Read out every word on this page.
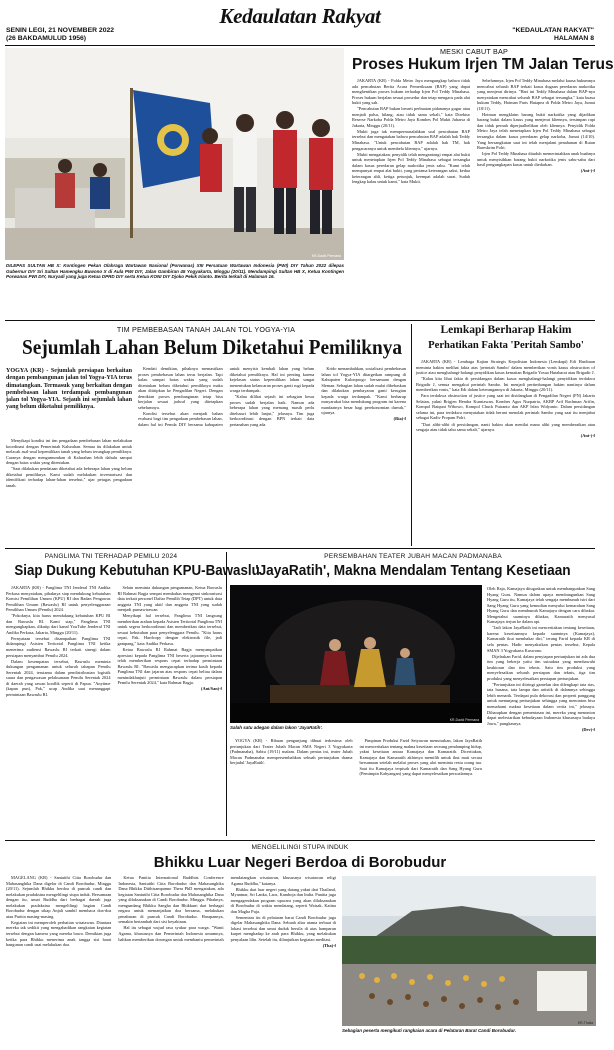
SENIN LEGI, 21 NOVEMBER 2022
(26 BAKDAMULUD 1956)
Kedaulatan Rakyat
"KEDAULATAN RAKYAT"
HALAMAN 8
KR-David Permana
DILEPAS SULTAN HB X: Kontingen Pekan Olahraga Wartawan Nasional (Porwanas) XIII Persatuan Wartawan Indonesia (PWI) DIY Tahun 2022 dilepas Gubernur DIY Sri Sultan Hamengku Buwono X di Aula PWI DIY, Jalan Gambiran 45 Yogyakarta, Minggu (20/11). Mendampingi Sultan HB X, Ketua Kontingen Porwanas PWI DIY, Nuryadi yang juga Ketua DPRD DIY serta Ketua KONI DIY Djoko Pekik Irianto. Berita terkait di Halaman 16.
MESKI CABUT BAP
Proses Hukum Irjen TM Jalan Terus

JAKARTA (KR) - Polda Metro Jaya mengungkap bahwa tidak ada pencabutan Berita Acara Pemeriksaan (BAP) yang dapat menghentikan proses hukum terhadap Irjen Pol Teddy Minahasa. Proses hukum berjalan sesuai prosedur dan tetap mengacu pada alat bukti yang sah.

"Pencabutan BAP bukan berarti perbuatan pidananya gugur atau menjadi palsu, hilang, atau tidak sama sekali," kata Direktur Reserse Narkoba Polda Metro Jaya Kombes Pol Mukti Juharsa di Jakarta, Minggu (20/11).

Mukti juga tak mempermasalahkan soal pencabutan BAP tersebut dan mengatakan bahwa pencabutan BAP adalah hak Teddy Minahasa. "Untuk pencabutan BAP adalah hak TM, hak pengacaranya untuk membela kliennya," ujarnya.

Mukti mengatakan, penyidik telah mengantongi empat alat bukti untuk menetapkan Irjen Pol Teddy Minahasa sebagai tersangka dalam kasus peredaran gelap narkotika jenis sabu. "Kami telah mempunyai empat alat bukti, yang pertama keterangan saksi, kedua keterangan ahli, ketiga petunjuk, keempat adalah surat. Sudah lengkap kalau untuk kami," kata Mukti.

Sebelumnya, Irjen Pol Teddy Minahasa melalui kuasa hukumnya mencabut seluruh BAP terkait kasus dugaan peredaran narkotika yang menjerat dirinya. "Hari ini Teddy Minahasa dalam BAP-nya menyatakan mencabut seluruh BAP sebagai tersangka," kata kuasa hukum Teddy, Hotman Paris Hutapea di Polda Metro Jaya, Jumat (18/11).

Hotman mengklaim barang bukti narkotika yang dijadikan barang bukti dalam kasus yang menjerat kliennya, tersimpan rapi dan tidak pernah diperjualbelikan oleh kliennya. Penyidik Polda Metro Jaya telah menetapkan Irjen Pol Teddy Minahasa sebagai tersangka dalam kasus peredaran gelap narkoba, Jumat (14/10). Yang bersangkutan saat ini telah menjalani penahanan di Rutan Bareskrim Polri.

Irjen Pol Teddy Minahasa dituduh memerintahkan anak buahnya untuk menyisihkan barang bukti narkotika jenis sabu-sabu dari hasil pengungkapan kasus untuk diedarkan.

(Ant-)-f
TIM PEMBEBASAN TANAH JALAN TOL YOGYA-YIA
Sejumlah Lahan Belum Diketahui Pemiliknya
YOGYA (KR) - Sejumlah persiapan berkaitan dengan pembangunan jalan tol Yogya-YIA terus dimatangkan. Termasuk yang berkaitan dengan pembebasan lahan terdampak pembangunan jalan tol Yogya-YIA. Sejauh ini sejumlah lahan yang belum diketahui pemiliknya.

Menyikapi kondisi ini tim pengadaan pembebasan lahan melakukan koordinasi dengan Pemerintah Kalurahan. Semua itu dilakukan untuk melacak asal-usul kepemilikan tanah yang belum terungkap pemiliknya. Caranya dengan mengumumkan di Kalurahan lebih dahulu sampai dengan batas waktu yang ditentukan.

"Saat dilakukan pendataan diketahui ada beberapa lahan yang belum diketahui pemiliknya. Kami sudah melakukan inventarisasi dan identifikasi terhadap lahan-lahan tersebut," ujar petugas pengadaan tanah.

Kendati demikian, pihaknya memastikan proses pembebasan lahan terus berjalan. Tapi kalau sampai batas waktu yang sudah ditentukan belum diketahui pemiliknya maka akan dititipkan ke Pengadilan Negeri. Dengan demikian proses pembangunan tetap bisa berjalan sesuai jadwal yang ditetapkan sebelumnya.

Kondisi tersebut akan menjadi bahan evaluasi bagi tim pengadaan pembebasan lahan, dalam hal ini Pemda DIY bersama kabupaten untuk menyisir kembali lahan yang belum diketahui pemiliknya. Hal ini penting karena kejelasan status kepemilikan lahan sangat menentukan kelancaran proses ganti rugi kepada warga terdampak.

"Kalau dilihat sejauh ini sebagian besar proses sudah berjalan baik. Namun ada beberapa lahan yang memang masih perlu ditelusuri lebih lanjut," jelasnya. Tim juga berkoordinasi dengan BPN terkait data pertanahan yang ada.

Krido menambahkan, sosialisasi pembebasan lahan tol Yogya-YIA ditargetkan rampung di Kabupaten Kulonprogo bersamaan dengan Sleman. Sebagian lahan sudah mulai dibebaskan dan dilakukan pembayaran ganti kerugian kepada warga terdampak. "Kami berharap masyarakat bisa mendukung program ini karena manfaatnya besar bagi perekonomian daerah," ujarnya.

(Ria)-f
Lemkapi Berharap Hakim
Perhatikan Fakta 'Peritah Sambo'

JAKARTA (KR) - Lembaga Kajian Strategis Kepolisian Indonesia (Lemkapi) Edi Hasibuan meminta hakim melihat fakta atas 'perintah Sambo' dalam memberikan vonis kasus obstruction of justice atau menghalangi-halangi penyidikan kasus kematian Brigadir Yosua Hutabarat atau Brigadir J.

"Kalau kita lihat fakta di persidangan dalam kasus menghalangi-halangi penyidikan terdakwa Brigadir J, semua mengakui perintah Sambo. Ini menjadi pertimbangan hakim nantinya dalam memberikan vonis," kata Edi dalam keterangannya di Jakarta, Minggu (20/11).

Para terdakwa obstruction of justice yang saat ini disidangkan di Pengadilan Negeri (PN) Jakarta Selatan, yakni Brigjen Hendra Kurniawan, Kombes Agus Nurpatria, AKBP Arif Rachman Arifin, Kompol Baiquni Wibowo, Kompol Chuck Putranto dan AKP Irfan Widyanto. Dalam persidangan selama ini, para terdakwa menyatakan tidak berani menolak perintah Sambo yang saat itu menjabat sebagai Kadiv Propam Polri.

"Dari alibi-alibi di persidangan, nanti hakim akan menilai mana alibi yang memberatkan atau sengaja atau tidak tahu sama sekali," ujarnya.

(Ant-)-f
PANGLIMA TNI TERHADAP PEMILU 2024
Siap Dukung Kebutuhan KPU-Bawaslu

JAKARTA (KR) - Panglima TNI Jenderal TNI Andika Perkasa menyatakan, pihaknya siap mendukung kebutuhan Komisi Pemilihan Umum (KPU) RI dan Badan Pengawas Pemilihan Umum (Bawaslu) RI untuk penyelenggaraan Pemilihan Umum (Pemilu) 2024.

"Pokoknya, kita harus mendukung kebutuhan KPU RI dan Bawaslu RI. Kami siap," Panglima TNI mengungkapkan, dikutip dari kanal YouTube Jenderal TNI Andika Perkasa, Jakarta, Minggu (20/11).

Pernyataan tersebut disampaikan Panglima TNI didampingi Asisten Teritorial Panglima TNI ketika menerima audiensi Bawaslu RI terkait sinergi dalam persiapan menyambut Pemilu 2024.

Dalam kesempatan tersebut, Bawaslu meminta dukungan pengamanan untuk seluruh tahapan Pemilu Serentak 2024, terutama dalam pendistribusian logistik suara dan pengawasan pelaksanaan Pemilu Serentak 2024 di daerah yang rawan konflik seperti di Papua. "Anytime (kapan pun), Pak," ucap Andika saat menanggapi permintaan Bawaslu RI.

Selain meminta dukungan pengamanan, Ketua Bawaslu RI Rahmat Bagja sempat membahas mengenai sinkronisasi data terkait personel Daftar Pemilih Tetap (DPT) untuk data anggota TNI yang aktif dan anggota TNI yang sudah menjadi purnawirawan.

Menyikapi hal tersebut, Panglima TNI langsung memberikan arahan kepada Asisten Teritorial Panglima TNI untuk segera berkoordinasi dan memberikan data tersebut, sesuai kebutuhan para penyelenggara Pemilu. "Kita harus cepat, Pak. Hardcopy dengan elektronik file, jadi gampang," kata Andika Perkasa.

Ketua Bawaslu RI Rahmat Bagja menyampaikan apresiasi kepada Panglima TNI beserta jajarannya karena telah memberikan respons cepat terhadap permintaan Bawaslu RI. "Bawaslu mengucapkan terima kasih kepada Panglima TNI dan jajaran atas respons cepat beliau dalam menindaklanjuti permintaan Bawaslu dalam persiapan Pemilu Serentak 2024," kata Rahmat Bagja.

(Ant/San)-f
PERSEMBAHAN TEATER JUBAH MACAN PADMANABA
'JayaRatih', Makna Mendalam Tentang Kesetiaan
KR-David Permana
Salah satu adegan dalam lakon 'JayaRatih'.

Oleh Raja, Kamajaya ditugaskan untuk membangunkan Sang Hyang Guru. Namun dalam upaya membangunkan Sang Hyang Guru itu, Kamajaya telah sengaja membunuh istri dari Sang Hyang Guru yang kemudian menyulut kemarahan Sang Hyang Guru dan membunuh Kamajaya dengan cara dibakar. Mengetahui suaminya dibakar, Kamaratih menyusul Kamajaya terjun ke dalam api.

"Jadi lakon JayaRatih ini menceritakan tentang kesetiaan, karena kesetiaannya kepada suaminya (Kamajaya), Kamaratih ikut membakar diri," terang Farid kepada KR di sela pentas. Hadir menyaksikan pentas tersebut, Kepala SMAN 3 Yogyakarta Kuswono.

Dijelaskan Farid, dalam penyiapan pertunjukan ini ada dua tim yang bekerja yaitu tim sutradara yang membawahi keaktoran dan tim teknis. Satu tim produksi yang menyelesaikan seluruh persiapan dan teknis, tiga tim produksi yang menyelesaikan persiapan pertunjukan.

"Pertunjukan ini diiringi gamelan dan dilengkapi tata rias, tata busana, tata lampu dan artistik di dalamnya sehingga lebih menarik. Terdapat pula dekorasi dan properti panggung untuk menunjang pertunjukan sehingga yang menonton bisa memahami makna kesetiaan dalam cerita ini," jelasnya. Diharapkan dengan pementasan ini, mereka yang menonton dapat melestarikan kebudayaan Indonesia khususnya budaya Jawa," pungkasnya.

(Dev)-f

YOGYA (KR) - Ribuan pengunjung dibuat terkesima oleh pertunjukan dari Teater Jubah Macan SMA Negeri 3 Yogyakarta (Padmanaba), Sabtu (19/11) malam. Dalam pentas ini, teater Jubah Macan Padmanaba mempersembahkan sebuah pertunjukan drama berjudul 'JayaRatih'.

Pimpinan Produksi Farid Setyawan menuturkan, lakon JayaRatih ini menceritakan tentang makna kesetiaan seorang pendamping hidup, yakni kesetiaan antara Kamajaya dan Kamaratih. Diceritakan, Kamajaya dan Kamaratih akhirnya memilih untuk ikut mati secara bersamaan setelah melalui proses yang alot meminta restu orang tua. Saat itu Kamajaya terpisah dari Kamaratih dan Sang Hyang Guru (Pemimpin Kahyangan) yang dapat menyelesaikan persoalannya.

MENGELILINGI STUPA INDUK
Bhikku Luar Negeri Berdoa di Borobudur

MAGELANG (KR) - Santutthi Citta Borobudur dan Mahasanghika Dana digelar di Candi Borobudur, Minggu (20/11). Sejumlah Bhikku berdoa di puncak candi dan melakukan pradaksina mengelilingi stupa induk. Bersamaan dengan itu, umat Buddha dari berbagai daerah juga melakukan pradaksina mengelilingi bagian Candi Borobudur dengan sikap Anjali sambil membaca doa-doa atau Paritta masing-masing.

Kegiatan ini memperoleh perhatian wisatawan. Diantara mereka tak sedikit yang mengabadikan rangkaian kegiatan tersebut dengan kamera yang mereka bawa. Demikian juga ketika para Bhikku menerima anak tangga sisi barat bangunan candi usai melakukan doa.

Ketua Panitia International Buddhist Conference Indonesia, Santutthi Citta Borobudur dan Mahasanghika Dana Bhikku Ditthisampanno Thera PhD mengatakan, ada kegiatan Santutthi Citta Borobudur dan Mahasanghika Dana yang dilaksanakan di Candi Borobudur. Minggu. Pihaknya, mengundang Bhikku Sangha dan Bhikkuni dari berbagai negara untuk memanjatkan doa bersama, melakukan penaburan di puncak Candi Borobudur. Harapannya, semakin bertambah dari sisi keyakinan.

Hal itu sebagai wujud rasa syukur para warga. "Wanti Agama, khususnya dan Pemerintah Indonesia umumnya, bahkan memberikan dorongan untuk membantu pemerintah mendatangkan wisatawan, khususnya wisatawan religi Agama Buddha," katanya.

Bhikku dari luar negeri yang datang yakni dari Thailand, Myanmar, Sri Lanka, Laos, Kamboja dan India. Panitia juga mengagendakan program upacara yang akan dilaksanakan di Borobudur di waktu mendatang, seperti Waisak, Katina dan Magha Puja.

Sementara itu di pelataran barat Candi Borobudur juga digelar Mahasanghika Dana. Sebuah altar utama terbuat di lokasi tersebut dan umat duduk bersila di atas hamparan karpet menghadap ke arah para Bhikku, yang melakukan penyalaan lilin. Setelah itu, dilanjutkan kegiatan meditasi.

(Tha)-f
KR-Tholia
Sebagian peserta mengikuti rangkaian acara di Pelataran Barat Candi Borobudur.
